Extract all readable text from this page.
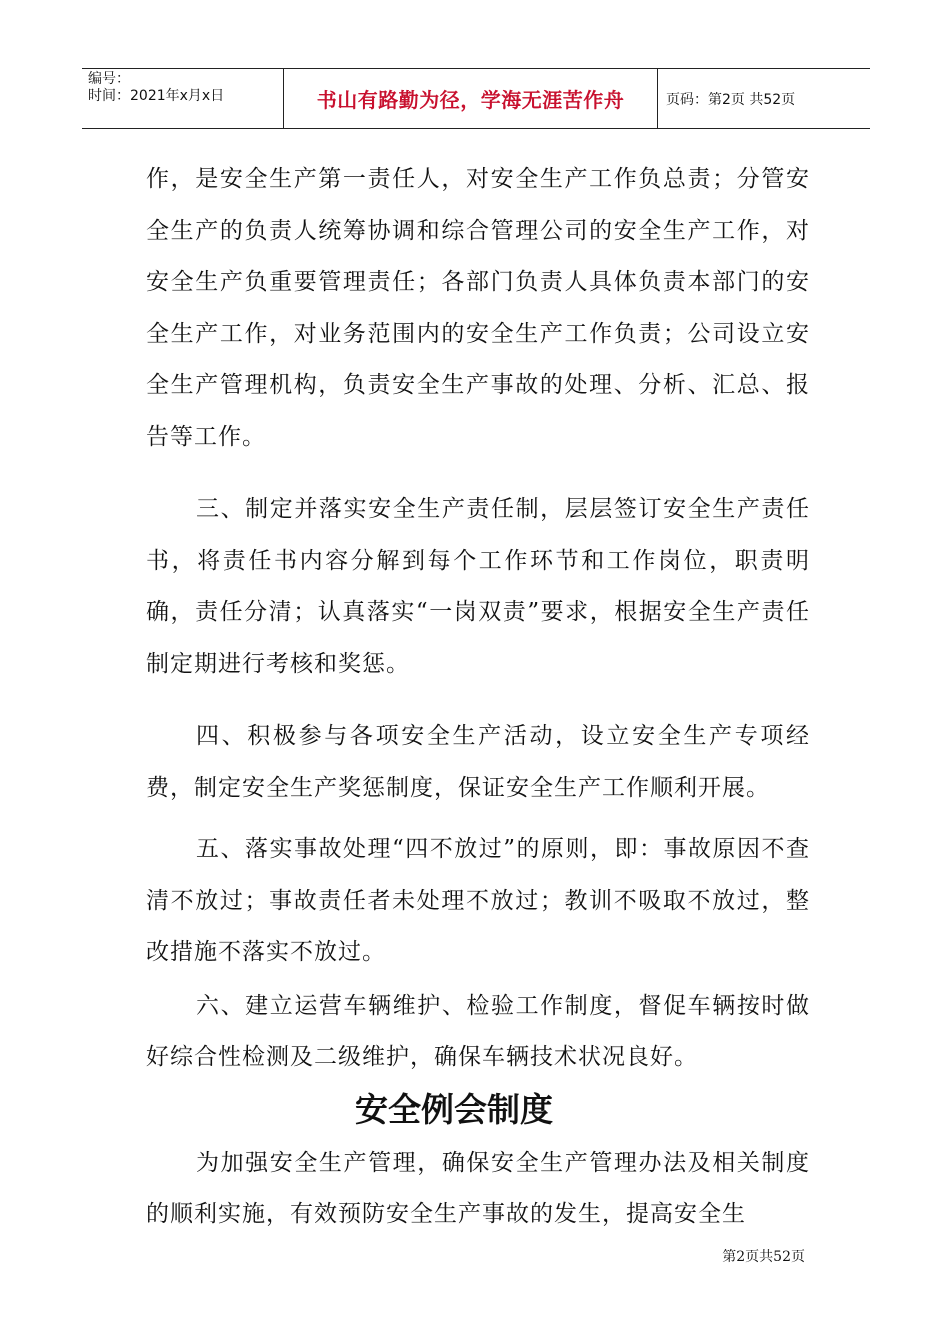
编号：
时间：2021年x月x日	书山有路勤为径，学海无涯苦作舟	页码：第2页 共52页

作，是安全生产第一责任人，对安全生产工作负总责；分管安全生产的负责人统筹协调和综合管理公司的安全生产工作，对安全生产负重要管理责任；各部门负责人具体负责本部门的安全生产工作，对业务范围内的安全生产工作负责；公司设立安全生产管理机构，负责安全生产事故的处理、分析、汇总、报告等工作。

三、制定并落实安全生产责任制，层层签订安全生产责任书，将责任书内容分解到每个工作环节和工作岗位，职责明确，责任分清；认真落实“一岗双责”要求，根据安全生产责任制定期进行考核和奖惩。

四、积极参与各项安全生产活动，设立安全生产专项经费，制定安全生产奖惩制度，保证安全生产工作顺利开展。

五、落实事故处理“四不放过”的原则，即：事故原因不查清不放过；事故责任者未处理不放过；教训不吸取不放过，整改措施不落实不放过。

六、建立运营车辆维护、检验工作制度，督促车辆按时做好综合性检测及二级维护，确保车辆技术状况良好。

安全例会制度

为加强安全生产管理，确保安全生产管理办法及相关制度的顺利实施，有效预防安全生产事故的发生，提高安全生

第2页共52页
